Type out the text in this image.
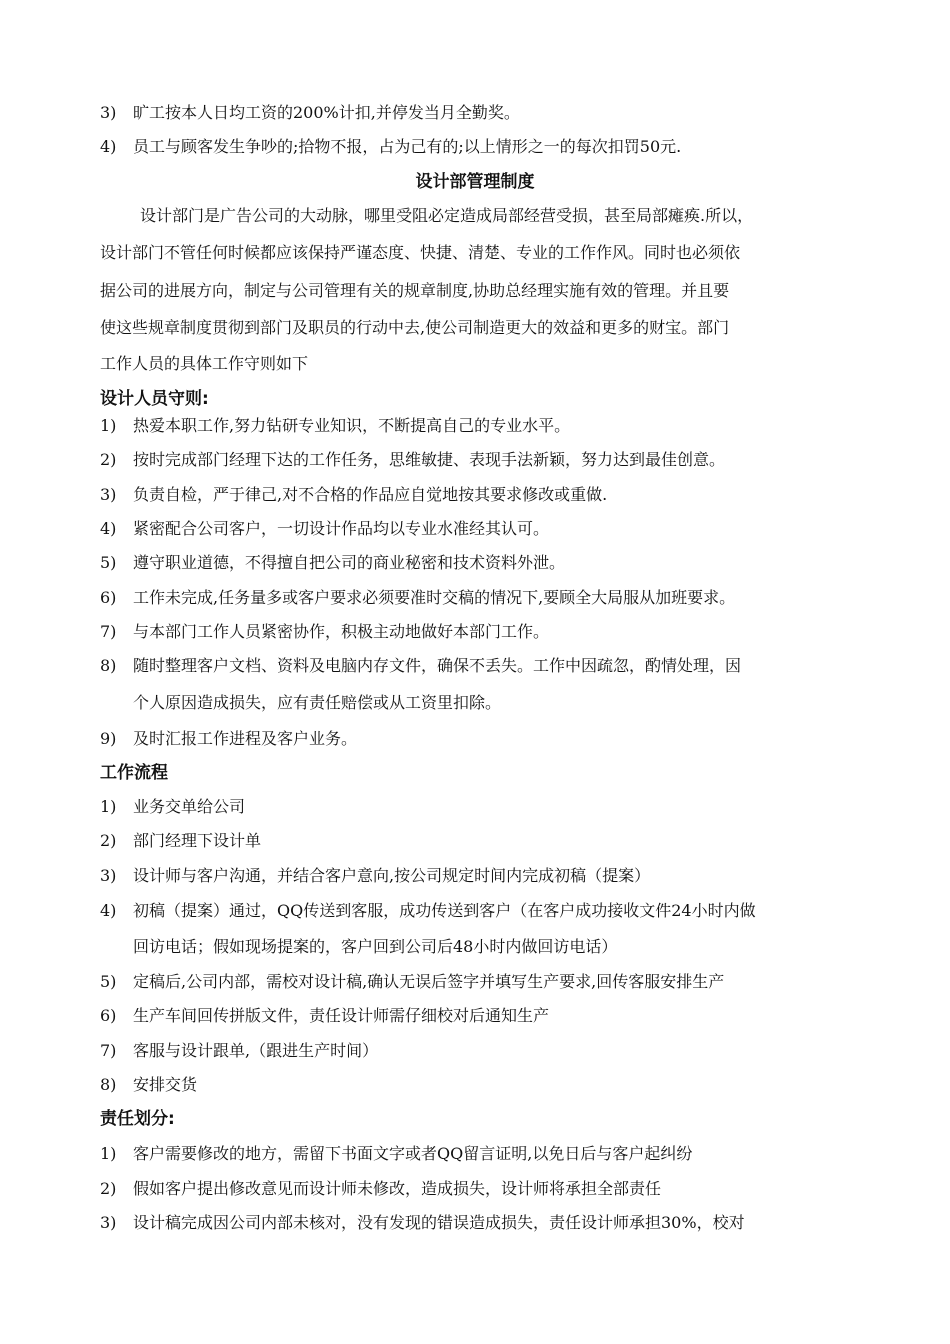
3) 旷工按本人日均工资的200%计扣,并停发当月全勤奖。
4) 员工与顾客发生争吵的;拾物不报，占为己有的;以上情形之一的每次扣罚50元.
设计部管理制度
设计部门是广告公司的大动脉，哪里受阻必定造成局部经营受损，甚至局部瘫痪.所以，
设计部门不管任何时候都应该保持严谨态度、快捷、清楚、专业的工作作风。同时也必须依
据公司的进展方向，制定与公司管理有关的规章制度,协助总经理实施有效的管理。并且要
使这些规章制度贯彻到部门及职员的行动中去,使公司制造更大的效益和更多的财宝。部门
工作人员的具体工作守则如下
设计人员守则:
1) 热爱本职工作,努力钻研专业知识，不断提高自己的专业水平。
2) 按时完成部门经理下达的工作任务，思维敏捷、表现手法新颖，努力达到最佳创意。
3) 负责自检，严于律己,对不合格的作品应自觉地按其要求修改或重做.
4) 紧密配合公司客户，一切设计作品均以专业水准经其认可。
5) 遵守职业道德，不得擅自把公司的商业秘密和技术资料外泄。
6) 工作未完成,任务量多或客户要求必须要准时交稿的情况下,要顾全大局服从加班要求。
7) 与本部门工作人员紧密协作，积极主动地做好本部门工作。
8) 随时整理客户文档、资料及电脑内存文件，确保不丢失。工作中因疏忽，酌情处理，因
个人原因造成损失，应有责任赔偿或从工资里扣除。
9) 及时汇报工作进程及客户业务。
工作流程
1) 业务交单给公司
2) 部门经理下设计单
3) 设计师与客户沟通，并结合客户意向,按公司规定时间内完成初稿（提案）
4) 初稿（提案）通过，QQ传送到客服，成功传送到客户（在客户成功接收文件24小时内做
回访电话；假如现场提案的，客户回到公司后48小时内做回访电话）
5) 定稿后,公司内部，需校对设计稿,确认无误后签字并填写生产要求,回传客服安排生产
6) 生产车间回传拼版文件，责任设计师需仔细校对后通知生产
7) 客服与设计跟单,（跟进生产时间）
8) 安排交货
责任划分:
1) 客户需要修改的地方，需留下书面文字或者QQ留言证明,以免日后与客户起纠纷
2) 假如客户提出修改意见而设计师未修改，造成损失，设计师将承担全部责任
3) 设计稿完成因公司内部未核对，没有发现的错误造成损失，责任设计师承担30%，校对
